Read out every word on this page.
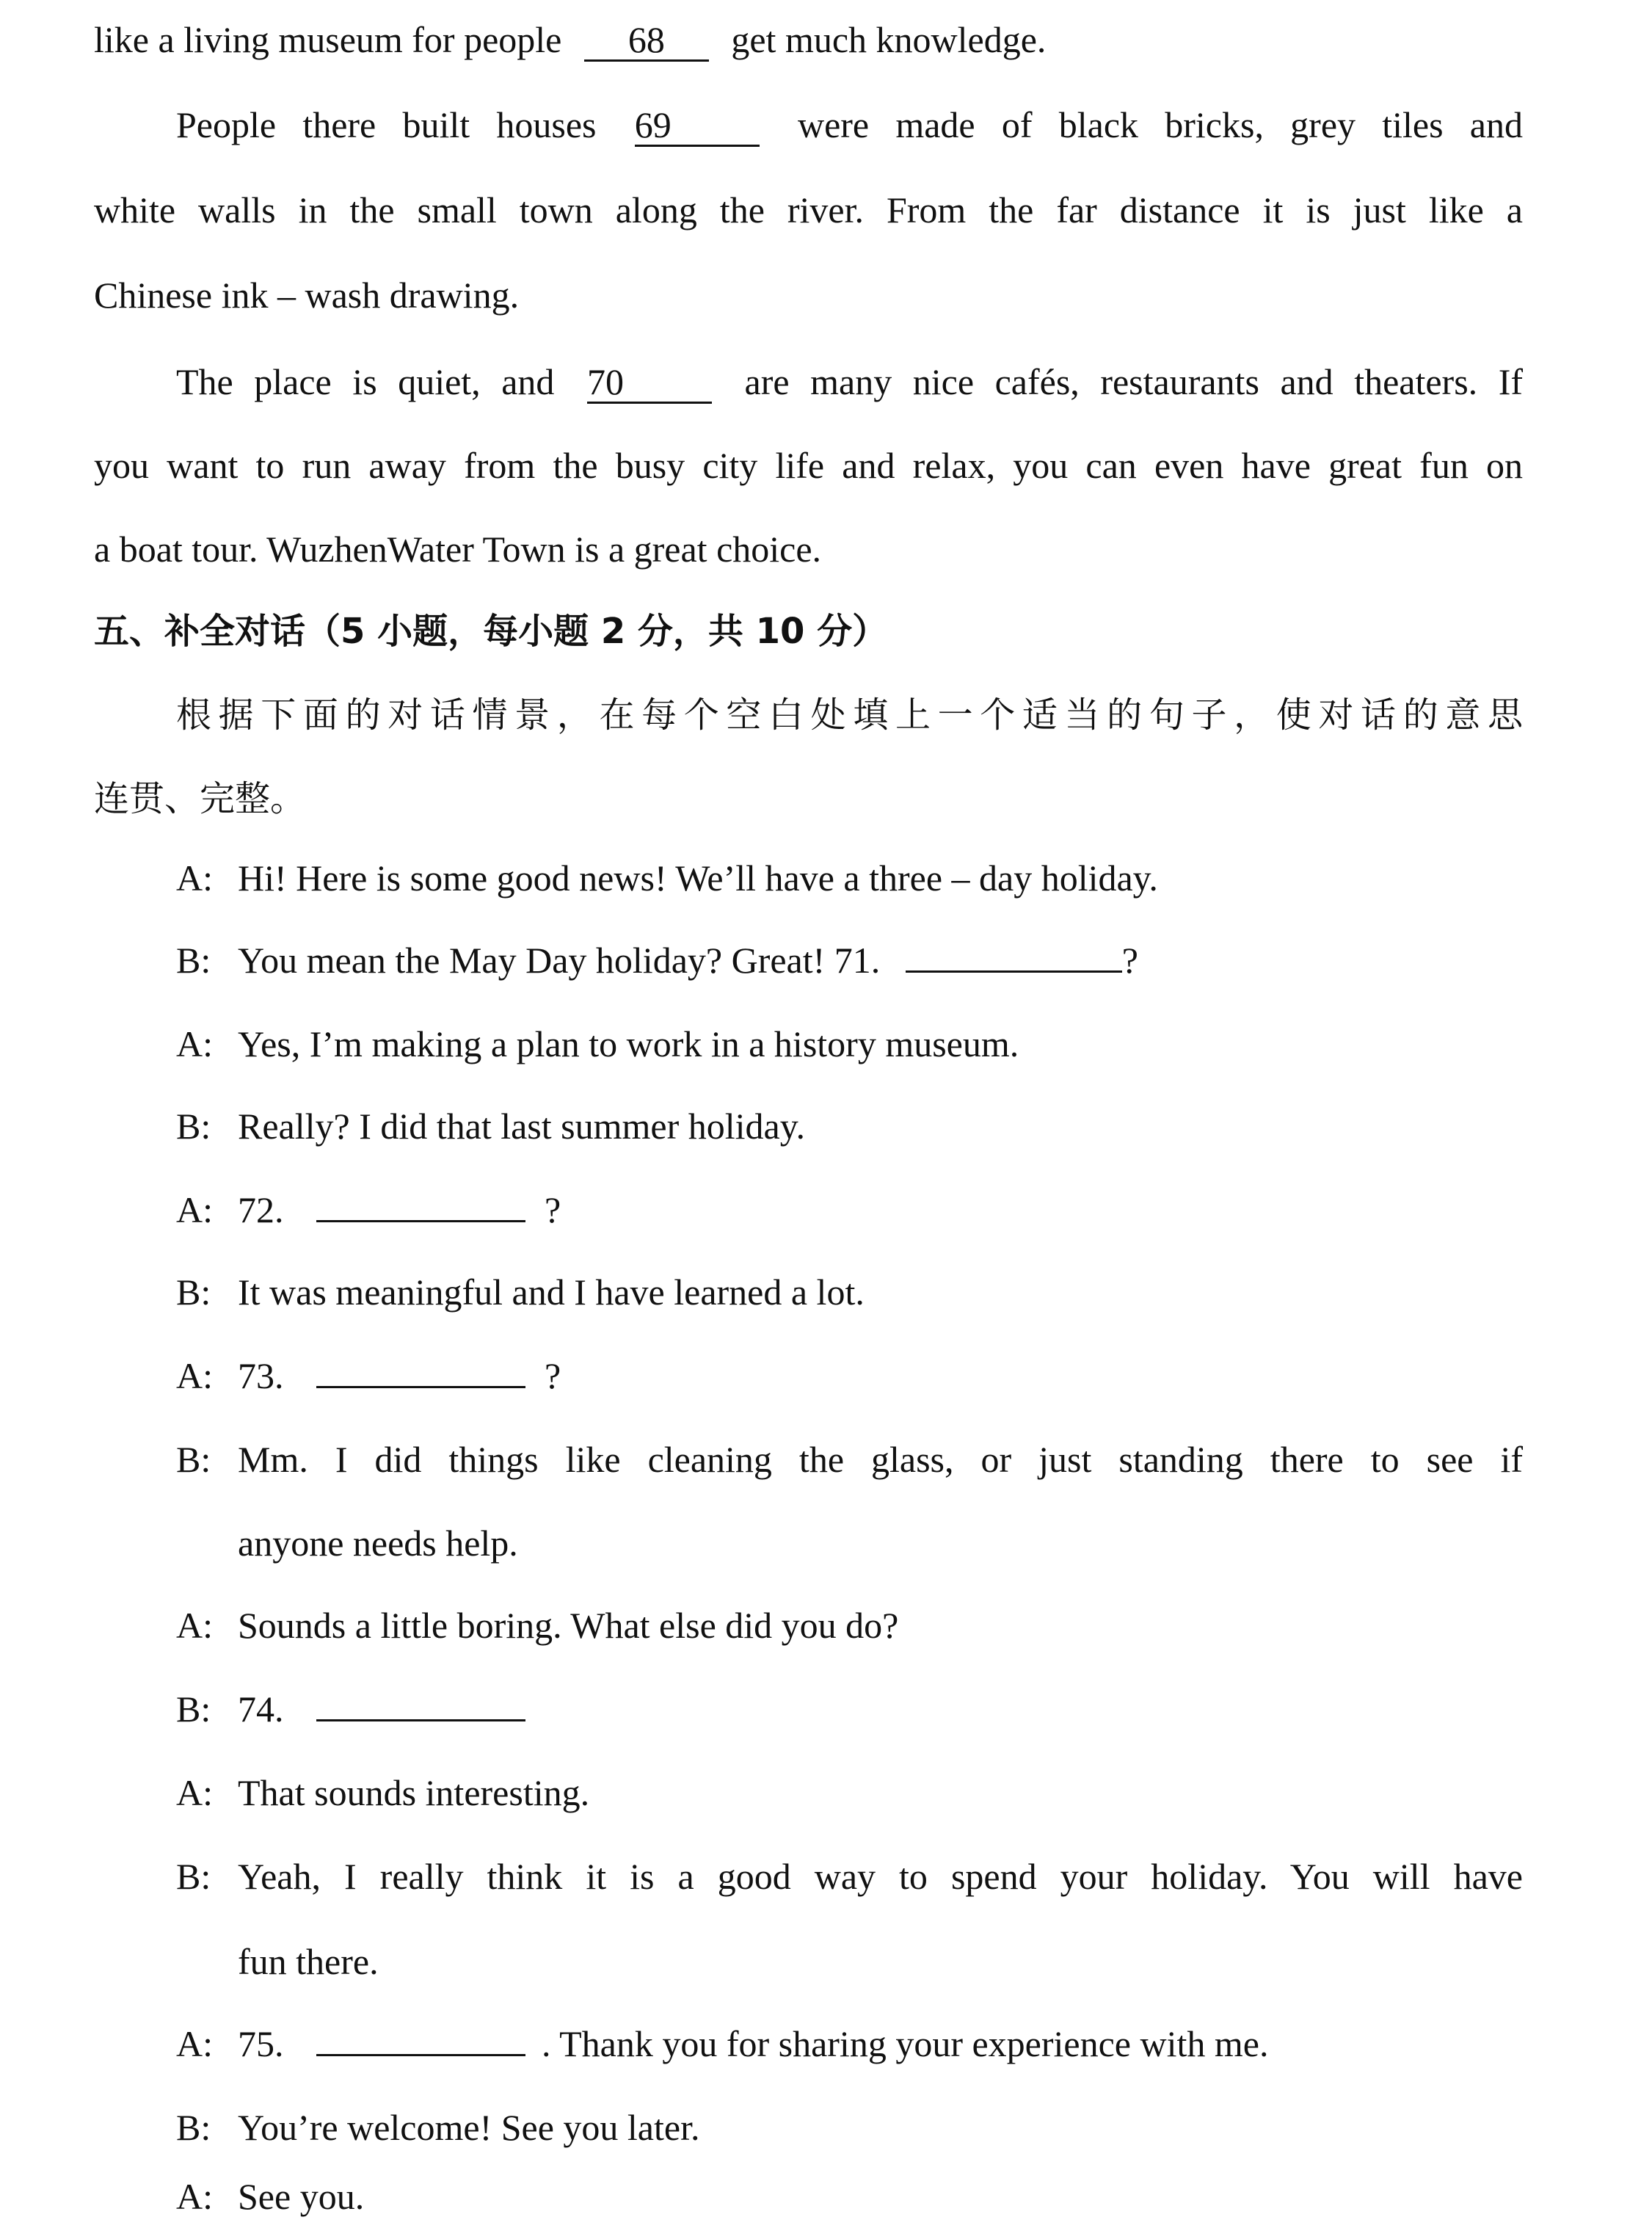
like a living museum for people 68 get much knowledge.
People there built houses 69	were made of black bricks, grey tiles and
white walls in the small town along the river. From the far distance it is just like a
Chinese ink – wash drawing.
The place is quiet, and 70	are many nice cafés, restaurants and theaters. If
you want to run away from the busy city life and relax, you can even have great fun on
a boat tour. WuzhenWater Town is a great choice.
五、补全对话（5 小题，每小题 2 分，共 10 分）
根据下面的对话情景，在每个空白处填上一个适当的句子，使对话的意思
连贯、完整。
A: Hi! Here is some good news! We’ll have a three – day holiday.
B: You mean the May Day holiday? Great! 71.	?
A: Yes, I’m making a plan to work in a history museum.
B: Really? I did that last summer holiday.
A: 72.	?
B: It was meaningful and I have learned a lot.
A: 73.	?
B: Mm. I did things like cleaning the glass, or just standing there to see if
anyone needs help.
A: Sounds a little boring. What else did you do?
B: 74.
A: That sounds interesting.
B: Yeah, I really think it is a good way to spend your holiday. You will have
fun there.
A: 75.	. Thank you for sharing your experience with me.
B: You’re welcome! See you later.
A: See you.
